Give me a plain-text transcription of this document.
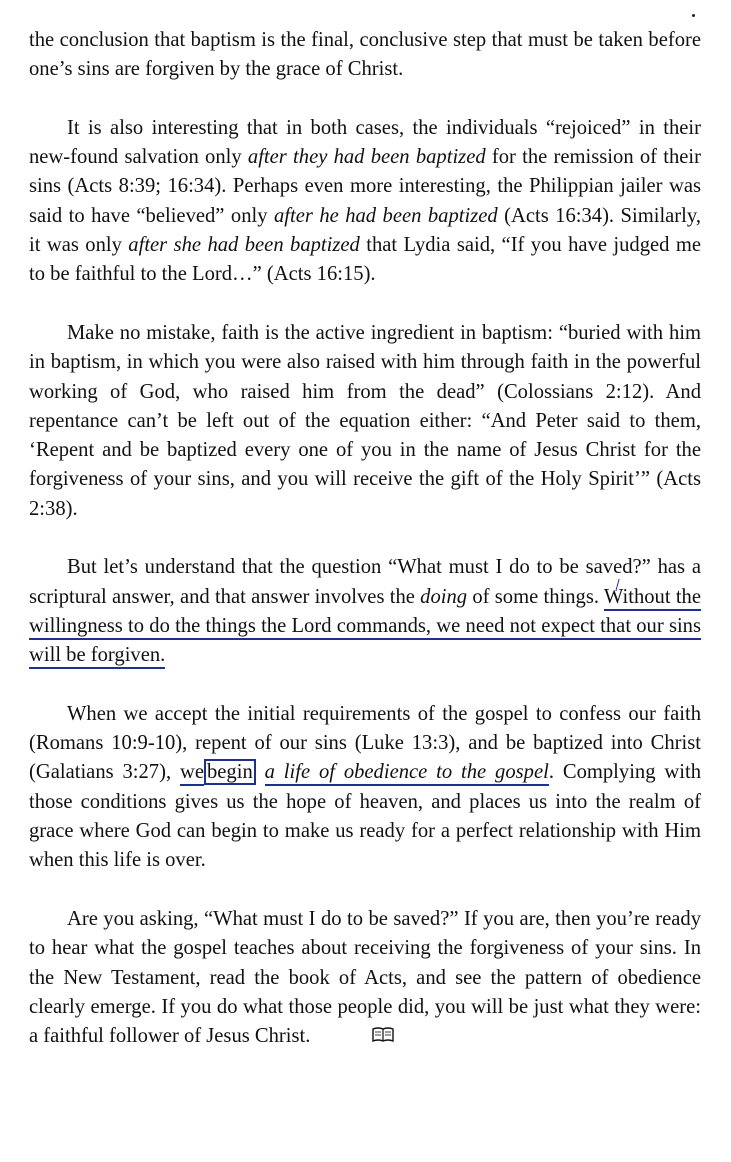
the conclusion that baptism is the final, conclusive step that must be taken before one’s sins are forgiven by the grace of Christ.

It is also interesting that in both cases, the individuals “rejoiced” in their new-found salvation only after they had been baptized for the remission of their sins (Acts 8:39; 16:34). Perhaps even more interesting, the Philippian jailer was said to have “believed” only after he had been baptized (Acts 16:34). Similarly, it was only after she had been baptized that Lydia said, “If you have judged me to be faithful to the Lord…” (Acts 16:15).

Make no mistake, faith is the active ingredient in baptism: “buried with him in baptism, in which you were also raised with him through faith in the powerful working of God, who raised him from the dead” (Colossians 2:12). And repentance can’t be left out of the equation either: “And Peter said to them, ‘Repent and be baptized every one of you in the name of Jesus Christ for the forgiveness of your sins, and you will receive the gift of the Holy Spirit’” (Acts 2:38).

But let’s understand that the question “What must I do to be saved?” has a scriptural answer, and that answer involves the doing of some things. Without the willingness to do the things the Lord commands, we need not expect that our sins will be forgiven.

When we accept the initial requirements of the gospel to confess our faith (Romans 10:9-10), repent of our sins (Luke 13:3), and be baptized into Christ (Galatians 3:27), we begin a life of obedience to the gospel. Complying with those conditions gives us the hope of heaven, and places us into the realm of grace where God can begin to make us ready for a perfect relationship with Him when this life is over.

Are you asking, “What must I do to be saved?” If you are, then you’re ready to hear what the gospel teaches about receiving the forgiveness of your sins. In the New Testament, read the book of Acts, and see the pattern of obedience clearly emerge. If you do what those people did, you will be just what they were: a faithful follower of Jesus Christ.
